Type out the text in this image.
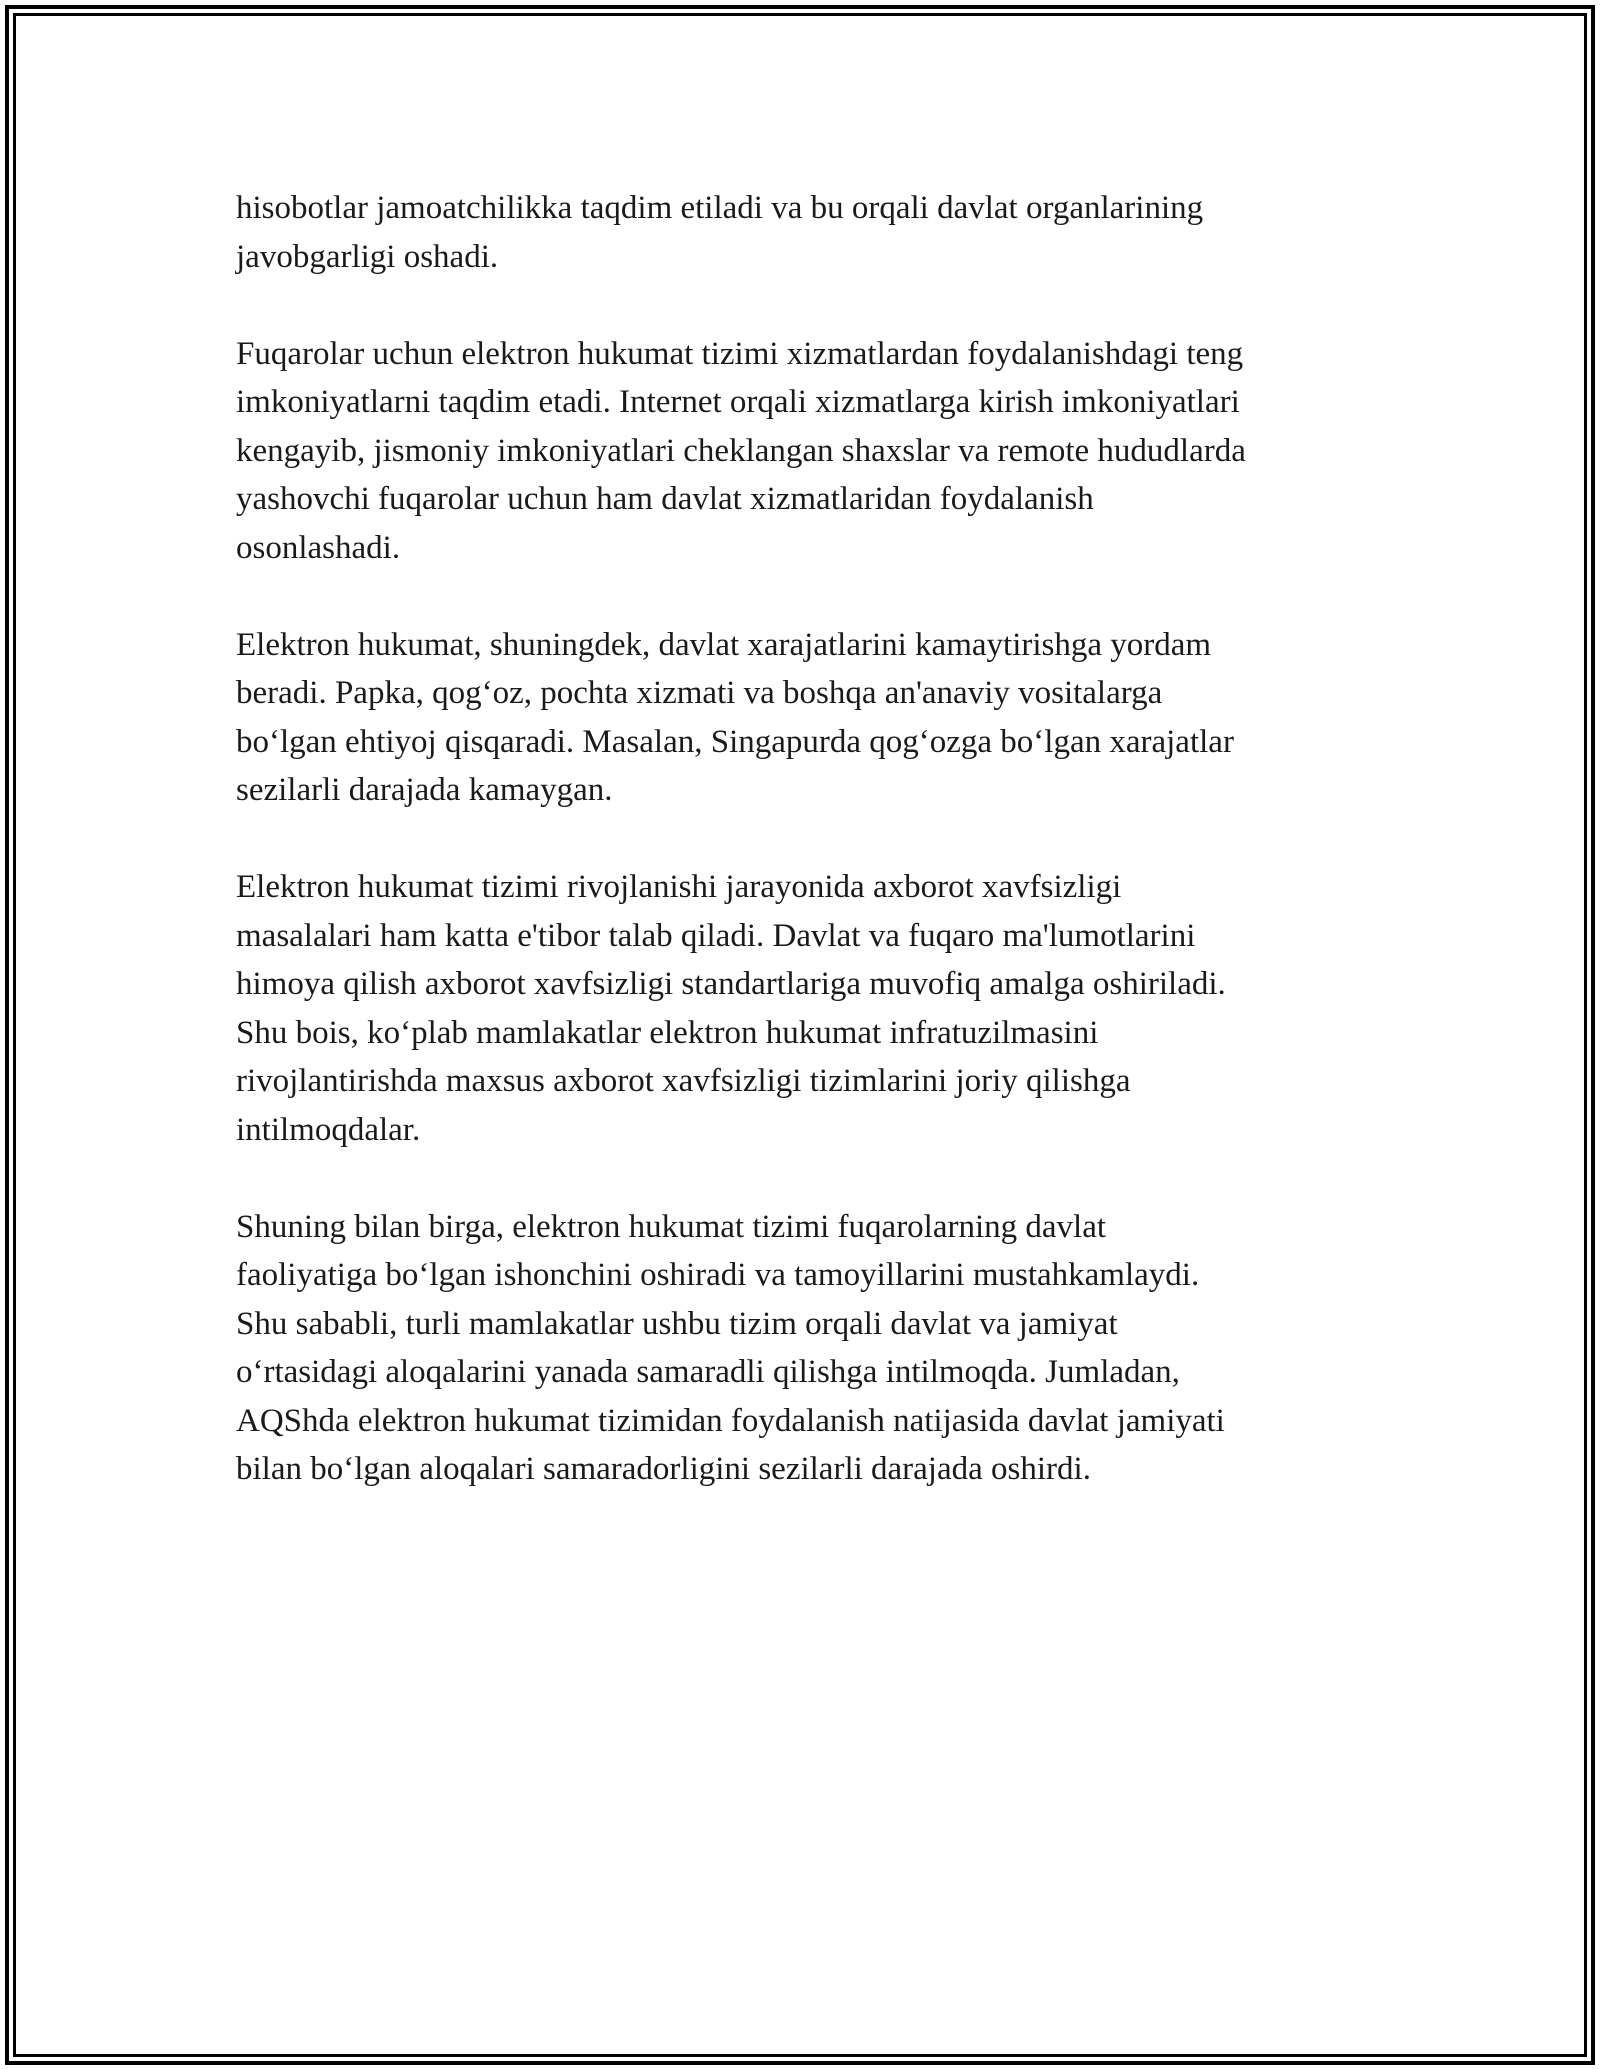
hisobotlar jamoatchilikka taqdim etiladi va bu orqali davlat organlarining
javobgarligi oshadi.

Fuqarolar uchun elektron hukumat tizimi xizmatlardan foydalanishdagi teng
imkoniyatlarni taqdim etadi. Internet orqali xizmatlarga kirish imkoniyatlari
kengayib, jismoniy imkoniyatlari cheklangan shaxslar va remote hududlarda
yashovchi fuqarolar uchun ham davlat xizmatlaridan foydalanish
osonlashadi.

Elektron hukumat, shuningdek, davlat xarajatlarini kamaytirishga yordam
beradi. Papka, qog‘oz, pochta xizmati va boshqa an'anaviy vositalarga
bo‘lgan ehtiyoj qisqaradi. Masalan, Singapurda qog‘ozga bo‘lgan xarajatlar
sezilarli darajada kamaygan.

Elektron hukumat tizimi rivojlanishi jarayonida axborot xavfsizligi
masalalari ham katta e'tibor talab qiladi. Davlat va fuqaro ma'lumotlarini
himoya qilish axborot xavfsizligi standartlariga muvofiq amalga oshiriladi.
Shu bois, ko‘plab mamlakatlar elektron hukumat infratuzilmasini
rivojlantirishda maxsus axborot xavfsizligi tizimlarini joriy qilishga
intilmoqdalar.

Shuning bilan birga, elektron hukumat tizimi fuqarolarning davlat
faoliyatiga bo‘lgan ishonchini oshiradi va tamoyillarini mustahkamlaydi.
Shu sababli, turli mamlakatlar ushbu tizim orqali davlat va jamiyat
o‘rtasidagi aloqalarini yanada samaradli qilishga intilmoqda. Jumladan,
AQShda elektron hukumat tizimidan foydalanish natijasida davlat jamiyati
bilan bo‘lgan aloqalari samaradorligini sezilarli darajada oshirdi.
